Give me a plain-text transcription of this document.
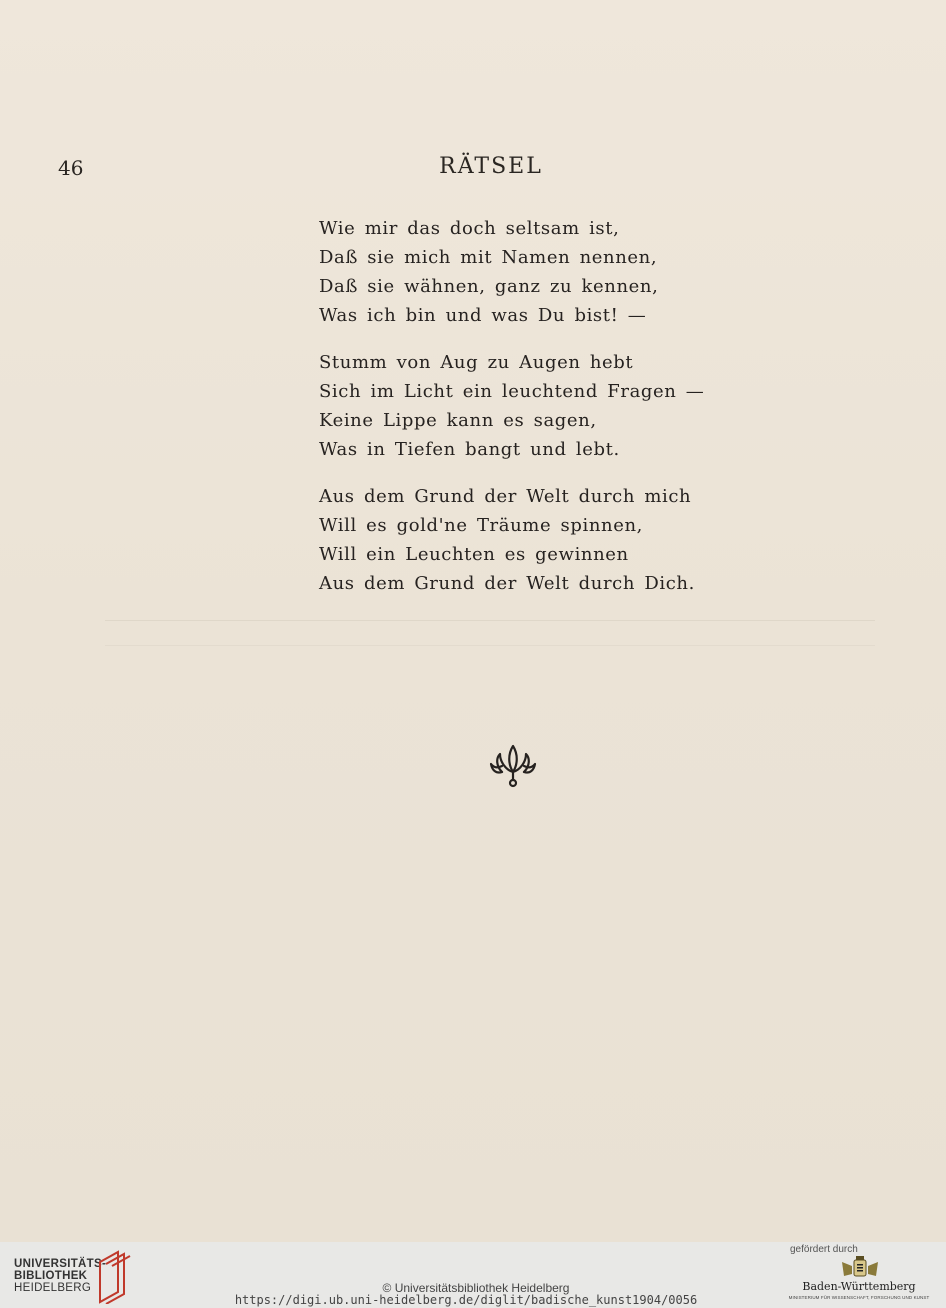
46	RÄTSEL
Wie mir das doch seltsam ist,
Daß sie mich mit Namen nennen,
Daß sie wähnen, ganz zu kennen,
Was ich bin und was Du bist! —
Stumm von Aug zu Augen hebt
Sich im Licht ein leuchtend Fragen —
Keine Lippe kann es sagen,
Was in Tiefen bangt und lebt.
Aus dem Grund der Welt durch mich
Will es gold'ne Träume spinnen,
Will ein Leuchten es gewinnen
Aus dem Grund der Welt durch Dich.
UNIVERSITÄTS-
BIBLIOTHEK
HEIDELBERG	© Universitätsbibliothek Heidelberg
https://digi.ub.uni-heidelberg.de/diglit/badische_kunst1904/0056
gefördert durch
Baden-Württemberg
MINISTERIUM FÜR WISSENSCHAFT, FORSCHUNG UND KUNST
